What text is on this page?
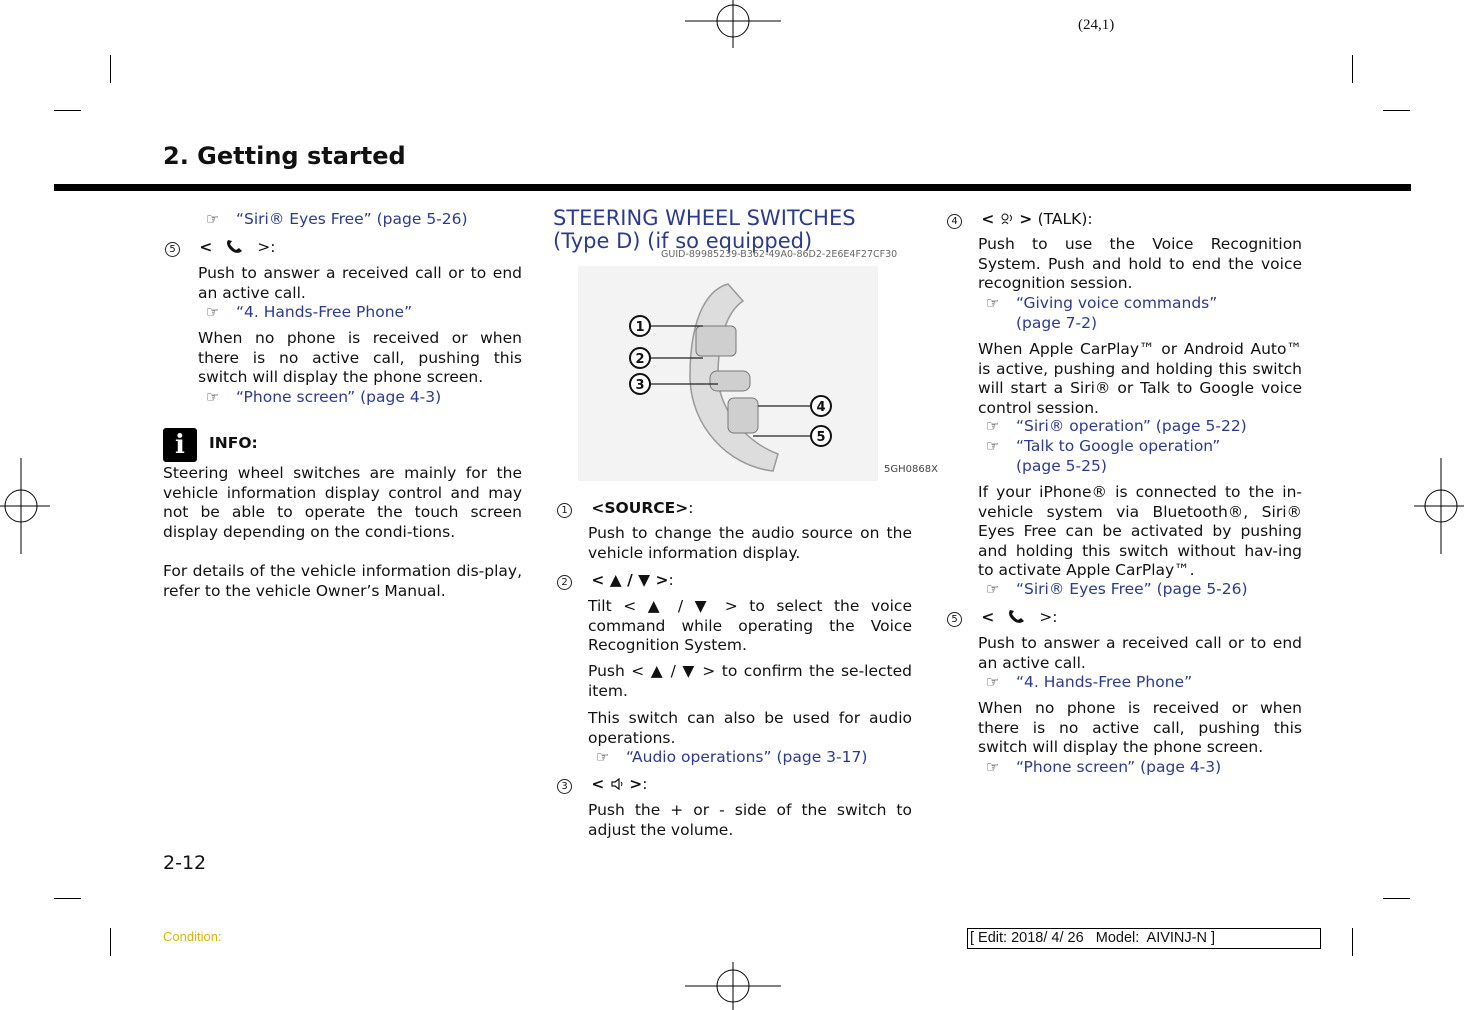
(24,1)
2. Getting started
☞ “Siri® Eyes Free” (page 5-26)
5 <	>:
Push to answer a received call or to end an active call.
☞ “4. Hands-Free Phone”
When no phone is received or when there is no active call, pushing this switch will display the phone screen.
☞ “Phone screen” (page 4-3)
i	INFO:
Steering wheel switches are mainly for the vehicle information display control and may not be able to operate the touch screen display depending on the condi-tions.
For details of the vehicle information dis-play, refer to the vehicle Owner’s Manual.
2-12
STEERING WHEEL SWITCHES (Type D) (if so equipped)
GUID-89985239-B362-49A0-86D2-2E6E4F27CF30
1
2
3
4
5
5GH0868X
1 <SOURCE>:
Push to change the audio source on the vehicle information display.
2 < ▲ / ▼ >:
Tilt < ▲ / ▼ > to select the voice command while operating the Voice Recognition System.
Push < ▲ / ▼ > to confirm the se-lected item.
This switch can also be used for audio operations.
☞ “Audio operations” (page 3-17)
3 < >:
Push the + or - side of the switch to adjust the volume.
4 < > (TALK):
Push to use the Voice Recognition System. Push and hold to end the voice recognition session.
☞ “Giving voice commands”
(page 7-2)
When Apple CarPlay™ or Android Auto™ is active, pushing and holding this switch will start a Siri® or Talk to Google voice control session.
☞ “Siri® operation” (page 5-22)
☞ “Talk to Google operation”
(page 5-25)
If your iPhone® is connected to the in-vehicle system via Bluetooth®, Siri® Eyes Free can be activated by pushing and holding this switch without hav-ing to activate Apple CarPlay™.
☞ “Siri® Eyes Free” (page 5-26)
5 <	>:
Push to answer a received call or to end an active call.
☞ “4. Hands-Free Phone”
When no phone is received or when there is no active call, pushing this switch will display the phone screen.
☞ “Phone screen” (page 4-3)
Condition:	[ Edit: 2018/ 4/ 26   Model:  AIVINJ-N ]
